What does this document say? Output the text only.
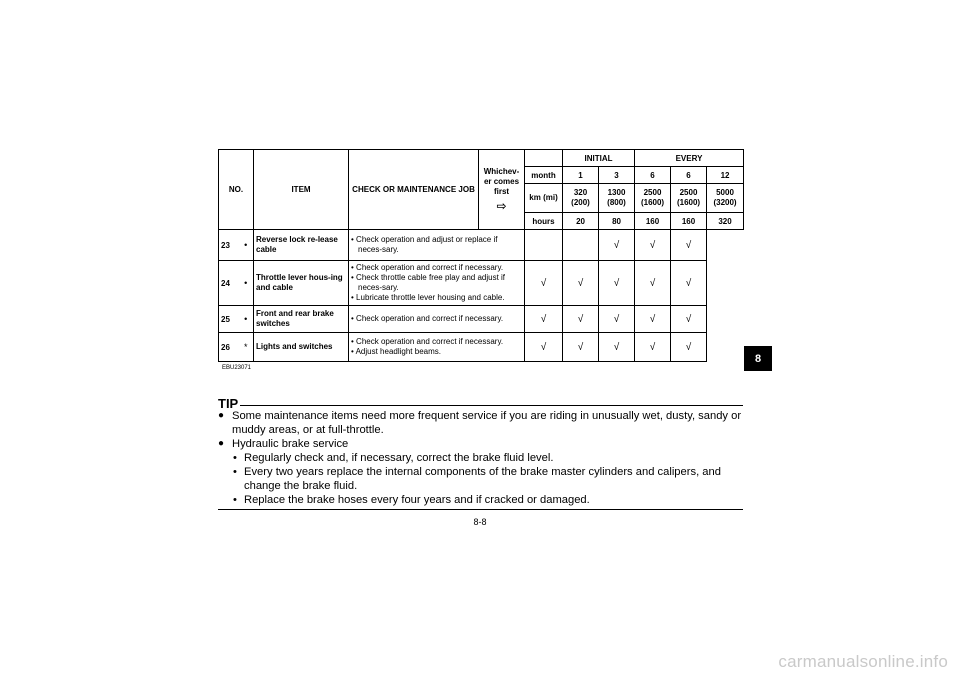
NO.		ITEM	CHECK OR MAINTENANCE JOB	Whichev-er comes first
⇨		INITIAL		EVERY		
					month	1	3	6	6	12
					km (mi)	320 (200)	1300 (800)	2500 (1600)	2500 (1600)	5000 (3200)
					hours	20	80	160	160	320
23	•	Reverse lock re-lease cable	• Check operation and adjust or replace if neces-sary.				√	√	√
24	•	Throttle lever hous-ing and cable	• Check operation and correct if necessary.
• Check throttle cable free play and adjust if neces-sary.
• Lubricate throttle lever housing and cable.		√	√	√	√	√
25	•	Front and rear brake switches	• Check operation and correct if necessary.		√	√	√	√	√
26	*	Lights and switches	• Check operation and correct if necessary.
• Adjust headlight beams.		√	√	√	√	√
EBU23071
8
TIP
● Some maintenance items need more frequent service if you are riding in unusually wet, dusty, sandy or muddy areas, or at full-throttle.
● Hydraulic brake service
• Regularly check and, if necessary, correct the brake fluid level.
• Every two years replace the internal components of the brake master cylinders and calipers, and change the brake fluid.
• Replace the brake hoses every four years and if cracked or damaged.
8-8
carmanualsonline.info
